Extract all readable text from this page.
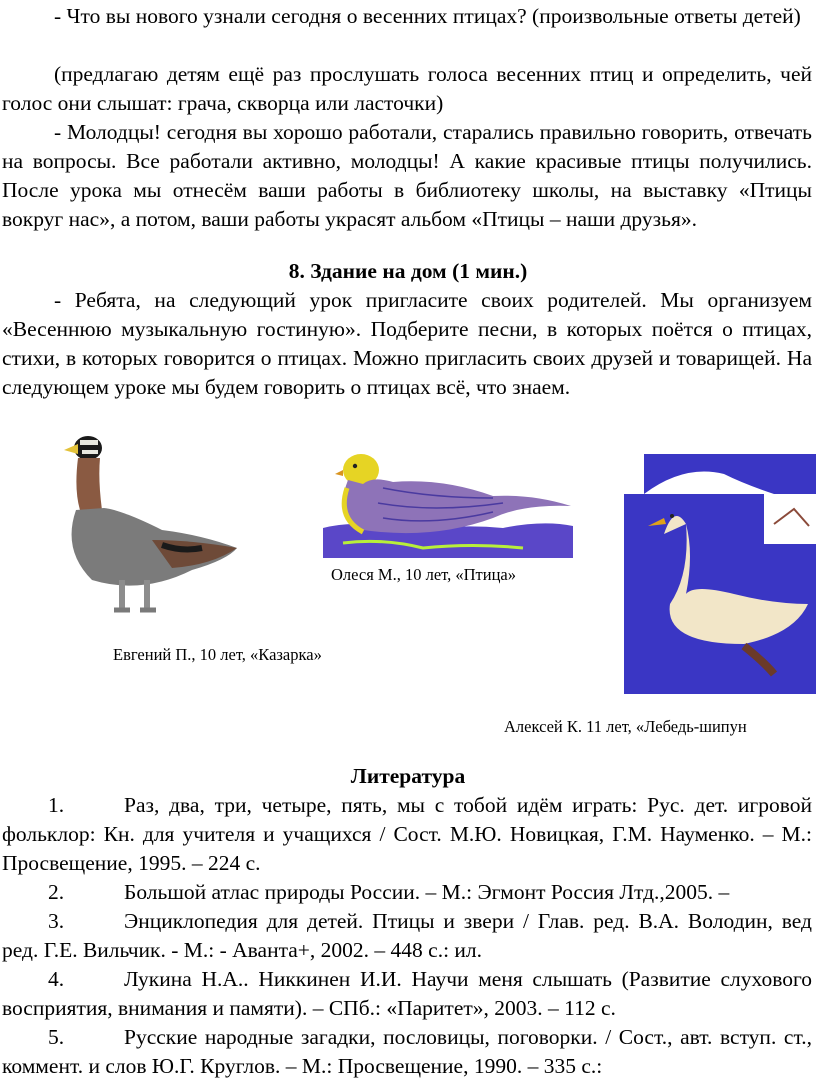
- Что вы нового узнали сегодня о весенних птицах? (произвольные ответы детей)

(предлагаю детям ещё раз прослушать голоса весенних птиц и определить, чей голос они слышат: грача, скворца или ласточки)

- Молодцы! сегодня вы хорошо работали, старались правильно говорить, отвечать на вопросы. Все работали активно, молодцы! А какие красивые птицы получились. После урока мы отнесём ваши работы в библиотеку школы, на выставку «Птицы вокруг нас», а потом, ваши работы украсят альбом «Птицы – наши друзья».

8. Здание на дом (1 мин.)

- Ребята, на следующий урок пригласите своих родителей. Мы организуем «Весеннюю музыкальную гостиную». Подберите песни, в которых поётся о птицах, стихи, в которых говорится о птицах. Можно пригласить своих друзей и товарищей. На следующем уроке мы будем говорить о птицах всё, что знаем.

Олеся М., 10 лет, «Птица»
Евгений П., 10 лет, «Казарка»
Алексей К. 11 лет, «Лебедь-шипун

Литература

1.	Раз, два, три, четыре, пять, мы с тобой идём играть: Рус. дет. игровой фольклор: Кн. для учителя и учащихся / Сост. М.Ю. Новицкая, Г.М. Науменко. – М.: Просвещение, 1995. – 224 с.

2.	Большой атлас природы России. – М.: Эгмонт Россия Лтд.,2005. –

3.	Энциклопедия для детей. Птицы и звери / Глав. ред. В.А. Володин, вед ред. Г.Е. Вильчик. - М.: - Аванта+, 2002. – 448 с.: ил.

4.	Лукина Н.А.. Никкинен И.И. Научи меня слышать (Развитие слухового восприятия, внимания и памяти). – СПб.: «Паритет», 2003. – 112 с.

5.	Русские народные загадки, пословицы, поговорки. / Сост., авт. вступ. ст., коммент. и слов Ю.Г. Круглов. – М.: Просвещение, 1990. – 335 с.:
